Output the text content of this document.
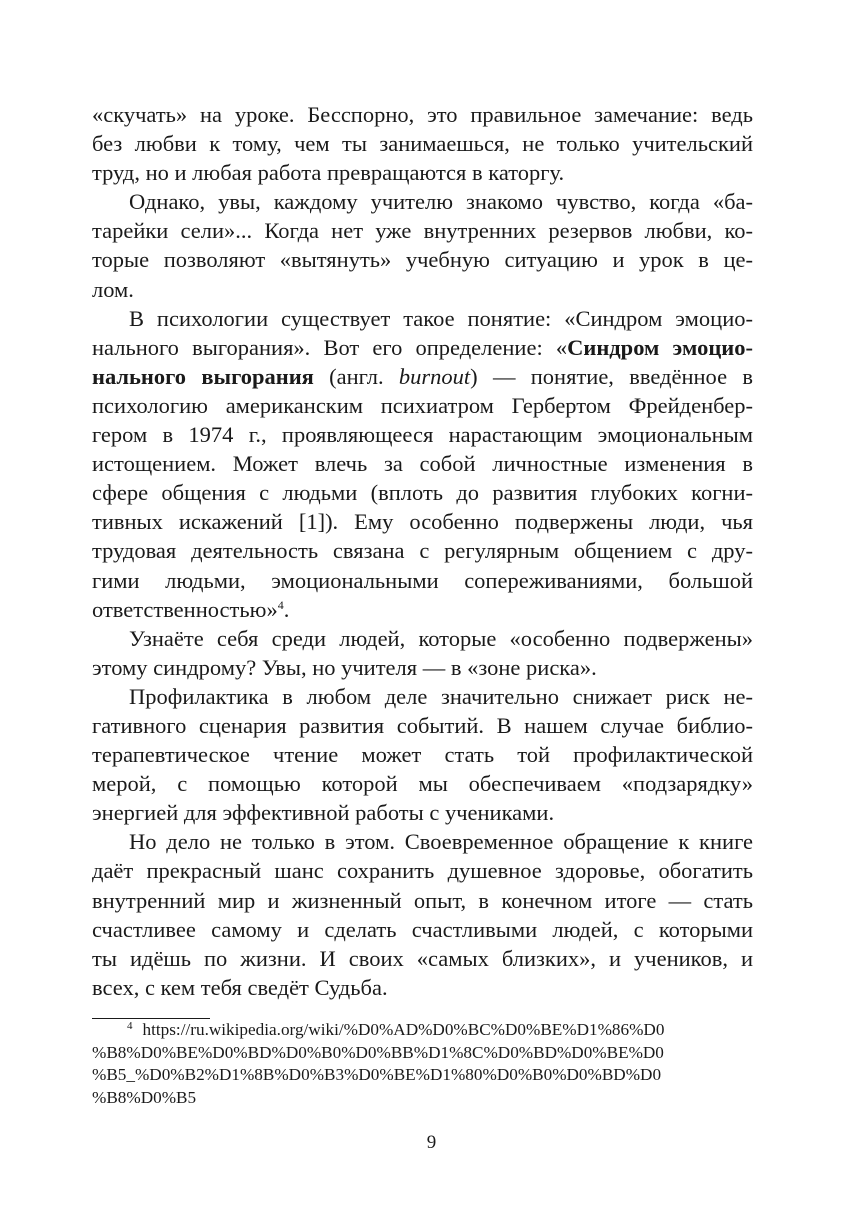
«скучать» на уроке. Бесспорно, это правильное замечание: ведь
без любви к тому, чем ты занимаешься, не только учительский
труд, но и любая работа превращаются в каторгу.
Однако, увы, каждому учителю знакомо чувство, когда «ба-
тарейки сели»... Когда нет уже внутренних резервов любви, ко-
торые позволяют «вытянуть» учебную ситуацию и урок в це-
лом.
В психологии существует такое понятие: «Синдром эмоцио-
нального выгорания». Вот его определение: «Синдром эмоцио-
нального выгорания (англ. burnout) — понятие, введённое в
психологию американским психиатром Гербертом Фрейденбер-
гером в 1974 г., проявляющееся нарастающим эмоциональным
истощением. Может влечь за собой личностные изменения в
сфере общения с людьми (вплоть до развития глубоких когни-
тивных искажений [1]). Ему особенно подвержены люди, чья
трудовая деятельность связана с регулярным общением с дру-
гими людьми, эмоциональными сопереживаниями, большой
ответственностью»$^4$.
Узнаёте себя среди людей, которые «особенно подвержены»
этому синдрому? Увы, но учителя — в «зоне риска».
Профилактика в любом деле значительно снижает риск не-
гативного сценария развития событий. В нашем случае библио-
терапевтическое чтение может стать той профилактической
мерой, с помощью которой мы обеспечиваем «подзарядку»
энергией для эффективной работы с учениками.
Но дело не только в этом. Своевременное обращение к книге
даёт прекрасный шанс сохранить душевное здоровье, обогатить
внутренний мир и жизненный опыт, в конечном итоге — стать
счастливее самому и сделать счастливыми людей, с которыми
ты идёшь по жизни. И своих «самых близких», и учеников, и
всех, с кем тебя сведёт Судьба.
$^4$ https://ru.wikipedia.org/wiki/%D0%AD%D0%BC%D0%BE%D1%86%D0
%B8%D0%BE%D0%BD%D0%B0%D0%BB%D1%8C%D0%BD%D0%BE%D0
%B5_%D0%B2%D1%8B%D0%B3%D0%BE%D1%80%D0%B0%D0%BD%D0
%B8%D0%B5
9
